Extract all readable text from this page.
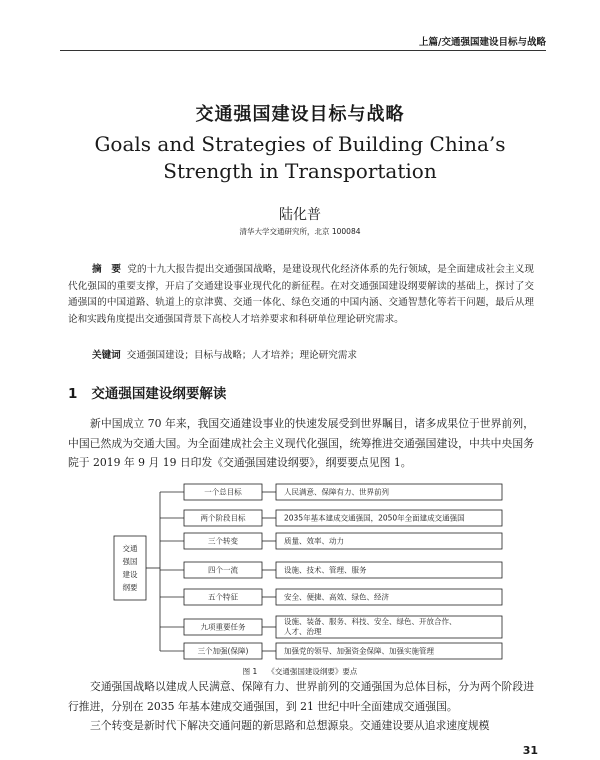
上篇/交通强国建设目标与战略
交通强国建设目标与战略
Goals and Strategies of Building China’s
Strength in Transportation
陆化普
清华大学交通研究所，北京 100084
摘　要 党的十九大报告提出交通强国战略，是建设现代化经济体系的先行领域，是全面建成社会主义现代化强国的重要支撑，开启了交通建设事业现代化的新征程。在对交通强国建设纲要解读的基础上，探讨了交通强国的中国道路、轨道上的京津冀、交通一体化、绿色交通的中国内涵、交通智慧化等若干问题，最后从理论和实践角度提出交通强国背景下高校人才培养要求和科研单位理论研究需求。
关键词 交通强国建设；目标与战略；人才培养；理论研究需求
1 交通强国建设纲要解读
新中国成立 70 年来，我国交通建设事业的快速发展受到世界瞩目，诸多成果位于世界前列，中国已然成为交通大国。为全面建成社会主义现代化强国，统筹推进交通强国建设，中共中央国务院于 2019 年 9 月 19 日印发《交通强国建设纲要》，纲要要点见图 1。
交通
强国
建设
纲要
一个总目标	人民满意、保障有力、世界前列
两个阶段目标	2035年基本建成交通强国，2050年全面建成交通强国
三个转变	质量、效率、动力
四个一流	设施、技术、管理、服务
五个特征	安全、便捷、高效、绿色、经济
九项重要任务
设施、装备、服务、科技、安全、绿色、开放合作、
人才、治理
三个加强(保障)	加强党的领导、加强资金保障、加强实施管理
图 1 《交通强国建设纲要》要点
交通强国战略以建成人民满意、保障有力、世界前列的交通强国为总体目标，分为两个阶段进行推进，分别在 2035 年基本建成交通强国，到 21 世纪中叶全面建成交通强国。
三个转变是新时代下解决交通问题的新思路和总想源泉。交通建设要从追求速度规模
31
